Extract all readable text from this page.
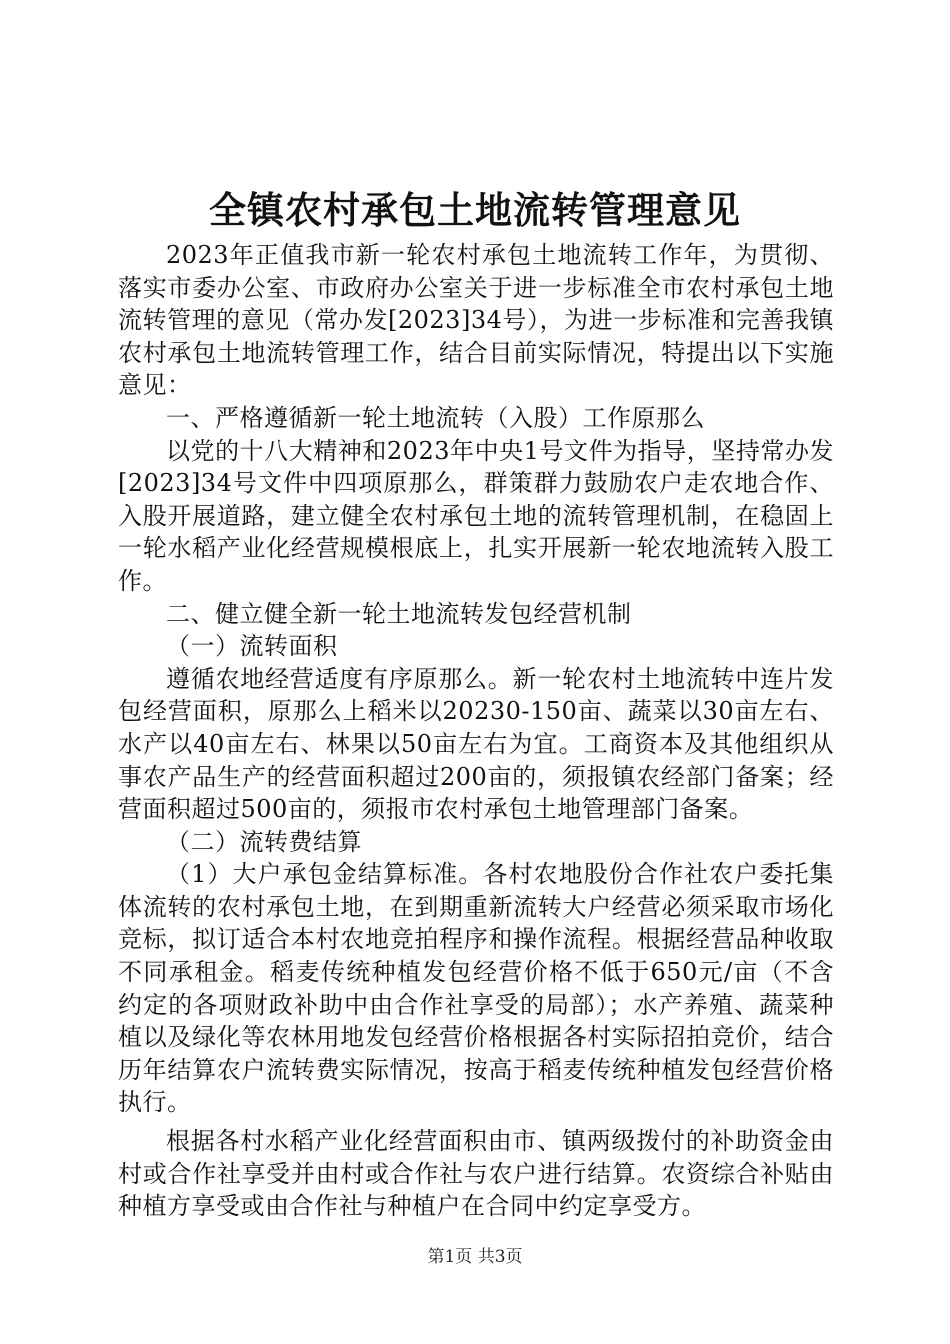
全镇农村承包土地流转管理意见

2023年正值我市新一轮农村承包土地流转工作年，为贯彻、落实市委办公室、市政府办公室关于进一步标准全市农村承包土地流转管理的意见（常办发[2023]34号），为进一步标准和完善我镇农村承包土地流转管理工作，结合目前实际情况，特提出以下实施意见：

一、严格遵循新一轮土地流转（入股）工作原那么

以党的十八大精神和2023年中央1号文件为指导，坚持常办发[2023]34号文件中四项原那么，群策群力鼓励农户走农地合作、入股开展道路，建立健全农村承包土地的流转管理机制，在稳固上一轮水稻产业化经营规模根底上，扎实开展新一轮农地流转入股工作。

二、健立健全新一轮土地流转发包经营机制

（一）流转面积

遵循农地经营适度有序原那么。新一轮农村土地流转中连片发包经营面积，原那么上稻米以20230-150亩、蔬菜以30亩左右、水产以40亩左右、林果以50亩左右为宜。工商资本及其他组织从事农产品生产的经营面积超过200亩的，须报镇农经部门备案；经营面积超过500亩的，须报市农村承包土地管理部门备案。

（二）流转费结算

（1）大户承包金结算标准。各村农地股份合作社农户委托集体流转的农村承包土地，在到期重新流转大户经营必须采取市场化竞标，拟订适合本村农地竞拍程序和操作流程。根据经营品种收取不同承租金。稻麦传统种植发包经营价格不低于650元/亩（不含约定的各项财政补助中由合作社享受的局部）；水产养殖、蔬菜种植以及绿化等农林用地发包经营价格根据各村实际招拍竞价，结合历年结算农户流转费实际情况，按高于稻麦传统种植发包经营价格执行。

根据各村水稻产业化经营面积由市、镇两级拨付的补助资金由村或合作社享受并由村或合作社与农户进行结算。农资综合补贴由种植方享受或由合作社与种植户在合同中约定享受方。

第1页 共3页
